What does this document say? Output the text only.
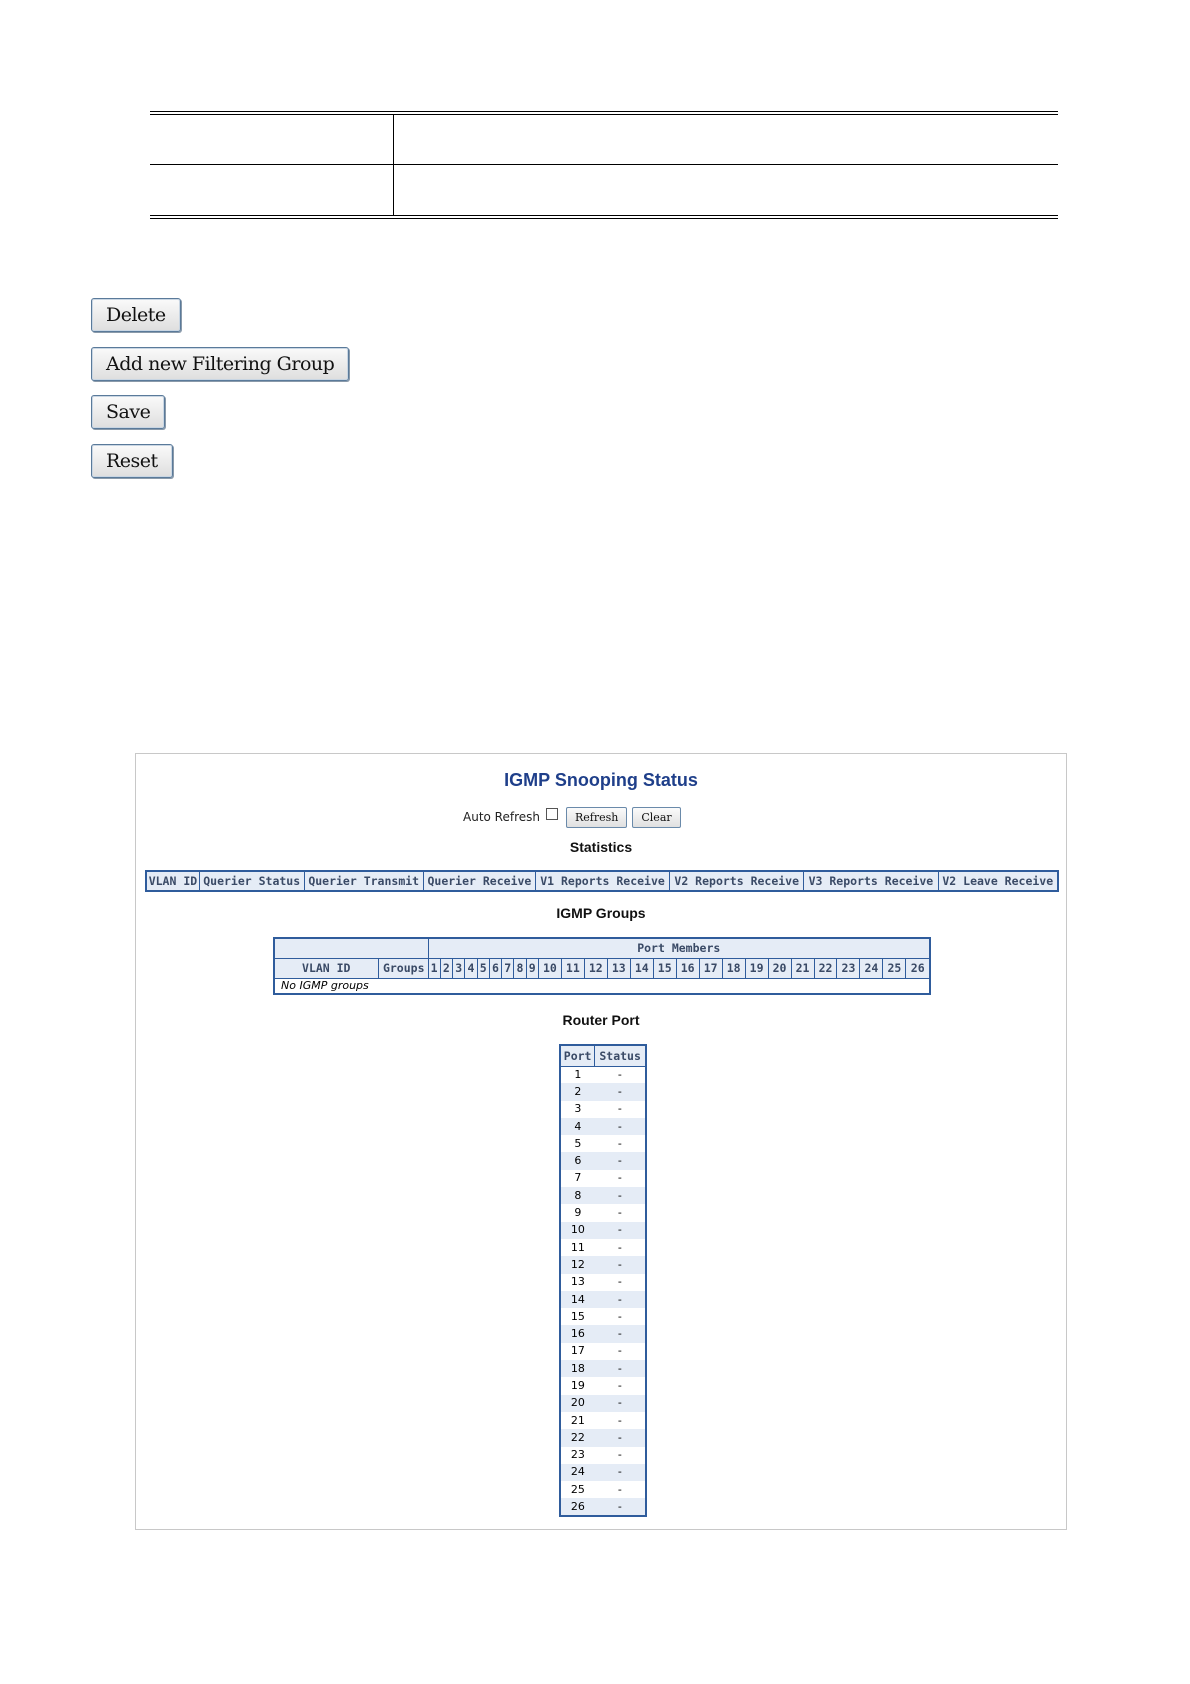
Delete
Add new Filtering Group
Save
Reset
IGMP Snooping Status
Auto Refresh	Refresh	Clear
Statistics
VLAN ID	Querier Status	Querier Transmit	Querier Receive	V1 Reports Receive	V2 Reports Receive	V3 Reports Receive	V2 Leave Receive
IGMP Groups
		Port Members																									
VLAN ID	Groups	1	2	3	4	5	6	7	8	9	10	11	12	13	14	15	16	17	18	19	20	21	22	23	24	25	26
No IGMP groups																											
Router Port
Port	Status
1	-
2	-
3	-
4	-
5	-
6	-
7	-
8	-
9	-
10	-
11	-
12	-
13	-
14	-
15	-
16	-
17	-
18	-
19	-
20	-
21	-
22	-
23	-
24	-
25	-
26	-
